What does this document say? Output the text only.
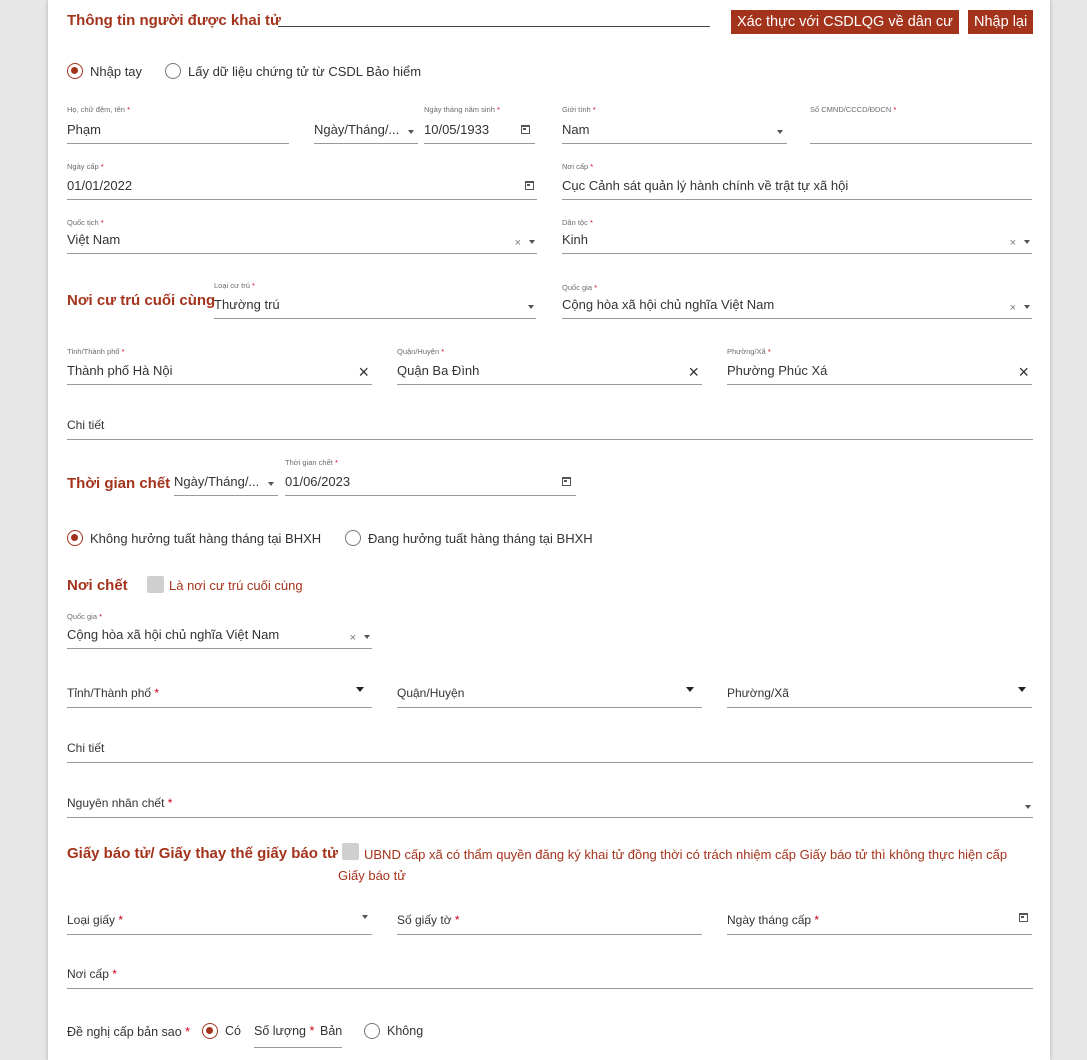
Thông tin người được khai tử	Xác thực với CSDLQG về dân cư	Nhập lại
Nhập tay	Lấy dữ liệu chứng tử từ CSDL Bảo hiểm
Họ, chữ đệm, tên *
Phạm	Ngày/Tháng/...
Ngày tháng năm sinh *
10/05/1933
Giới tính *
Nam
Số CMND/CCCD/ĐDCN *
Ngày cấp *
01/01/2022
Nơi cấp *
Cục Cảnh sát quản lý hành chính về trật tự xã hội
Quốc tịch *
Việt Nam	×
Dân tộc *
Kinh	×
Nơi cư trú cuối cùng
Loại cư trú *
Thường trú
Quốc gia *
Cộng hòa xã hội chủ nghĩa Việt Nam	×
Tỉnh/Thành phố *
Thành phố Hà Nội	×
Quận/Huyện *
Quận Ba Đình	×
Phường/Xã *
Phường Phúc Xá	×
Chi tiết
Thời gian chết Ngày/Tháng/...
Thời gian chết *
01/06/2023
Không hưởng tuất hàng tháng tại BHXH	Đang hưởng tuất hàng tháng tại BHXH
Nơi chết	Là nơi cư trú cuối cùng
Quốc gia *
Cộng hòa xã hội chủ nghĩa Việt Nam	×
Tỉnh/Thành phố *	Quận/Huyện	Phường/Xã
Chi tiết
Nguyên nhân chết *
Giấy báo tử/ Giấy thay thế giấy báo tử	UBND cấp xã có thẩm quyền đăng ký khai tử đồng thời có trách nhiệm cấp Giấy báo tử thì không thực hiện cấp Giấy báo tử
Loại giấy *	Số giấy tờ *	Ngày tháng cấp *
Nơi cấp *
Đề nghị cấp bản sao *	Có Số lượng * Bản	Không
